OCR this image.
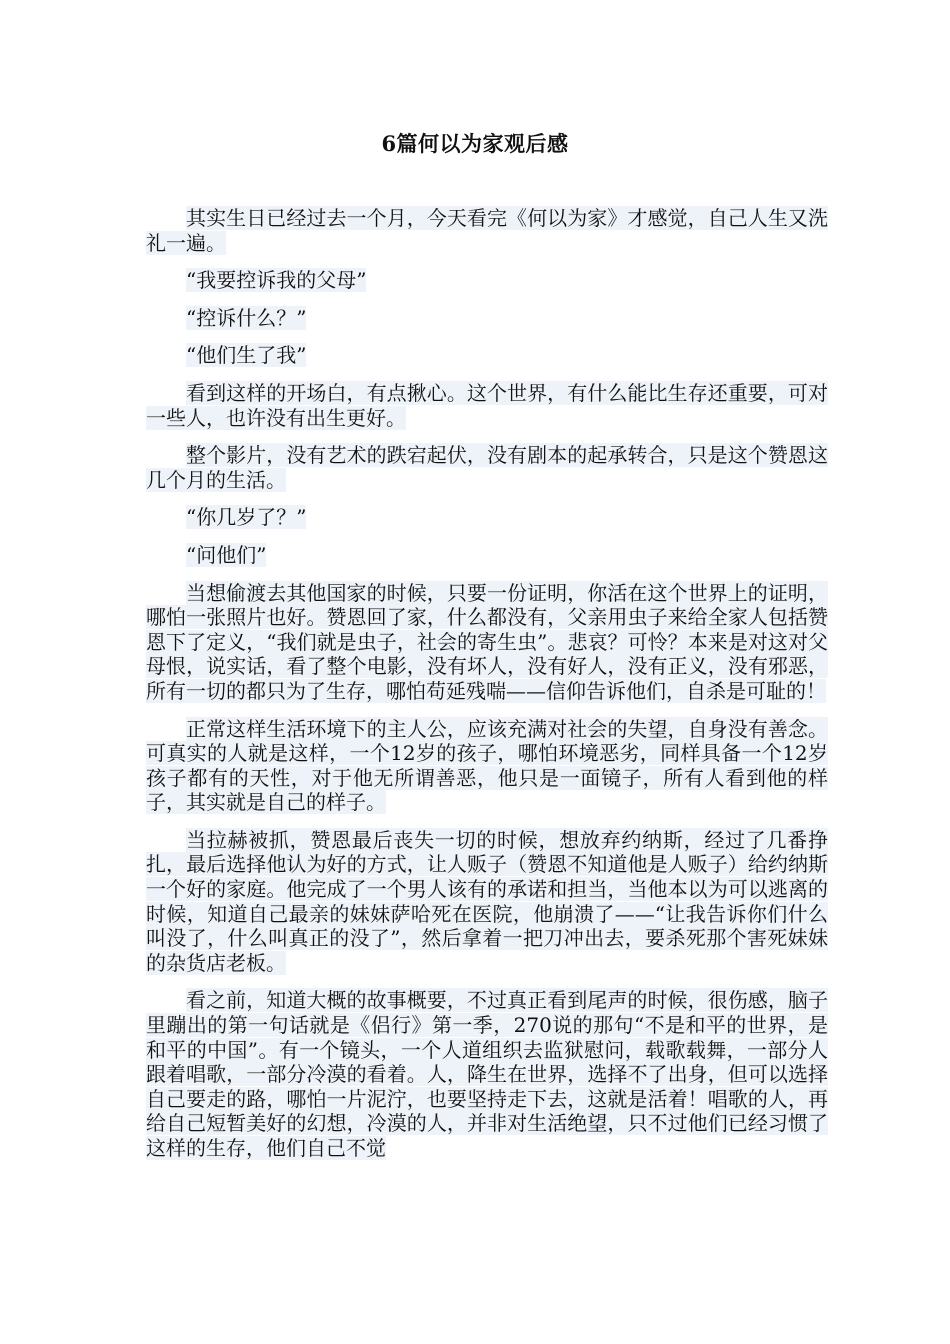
6篇何以为家观后感

其实生日已经过去一个月，今天看完《何以为家》才感觉，自己人生又洗礼一遍。

“我要控诉我的父母”

“控诉什么？”

“他们生了我”

看到这样的开场白，有点揪心。这个世界，有什么能比生存还重要，可对一些人，也许没有出生更好。

整个影片，没有艺术的跌宕起伏，没有剧本的起承转合，只是这个赞恩这几个月的生活。

“你几岁了？”

“问他们”

当想偷渡去其他国家的时候，只要一份证明，你活在这个世界上的证明，哪怕一张照片也好。赞恩回了家，什么都没有，父亲用虫子来给全家人包括赞恩下了定义，“我们就是虫子，社会的寄生虫”。悲哀？可怜？本来是对这对父母恨，说实话，看了整个电影，没有坏人，没有好人，没有正义，没有邪恶，所有一切的都只为了生存，哪怕苟延残喘——信仰告诉他们，自杀是可耻的！

正常这样生活环境下的主人公，应该充满对社会的失望，自身没有善念。可真实的人就是这样，一个12岁的孩子，哪怕环境恶劣，同样具备一个12岁孩子都有的天性，对于他无所谓善恶，他只是一面镜子，所有人看到他的样子，其实就是自己的样子。

当拉赫被抓，赞恩最后丧失一切的时候，想放弃约纳斯，经过了几番挣扎，最后选择他认为好的方式，让人贩子（赞恩不知道他是人贩子）给约纳斯一个好的家庭。他完成了一个男人该有的承诺和担当，当他本以为可以逃离的时候，知道自己最亲的妹妹萨哈死在医院，他崩溃了——“让我告诉你们什么叫没了，什么叫真正的没了”，然后拿着一把刀冲出去，要杀死那个害死妹妹的杂货店老板。

看之前，知道大概的故事概要，不过真正看到尾声的时候，很伤感，脑子里蹦出的第一句话就是《侣行》第一季，270说的那句“不是和平的世界，是和平的中国”。有一个镜头，一个人道组织去监狱慰问，载歌载舞，一部分人跟着唱歌，一部分冷漠的看着。人，降生在世界，选择不了出身，但可以选择自己要走的路，哪怕一片泥泞，也要坚持走下去，这就是活着！唱歌的人，再给自己短暂美好的幻想，冷漠的人，并非对生活绝望，只不过他们已经习惯了这样的生存，他们自己不觉
